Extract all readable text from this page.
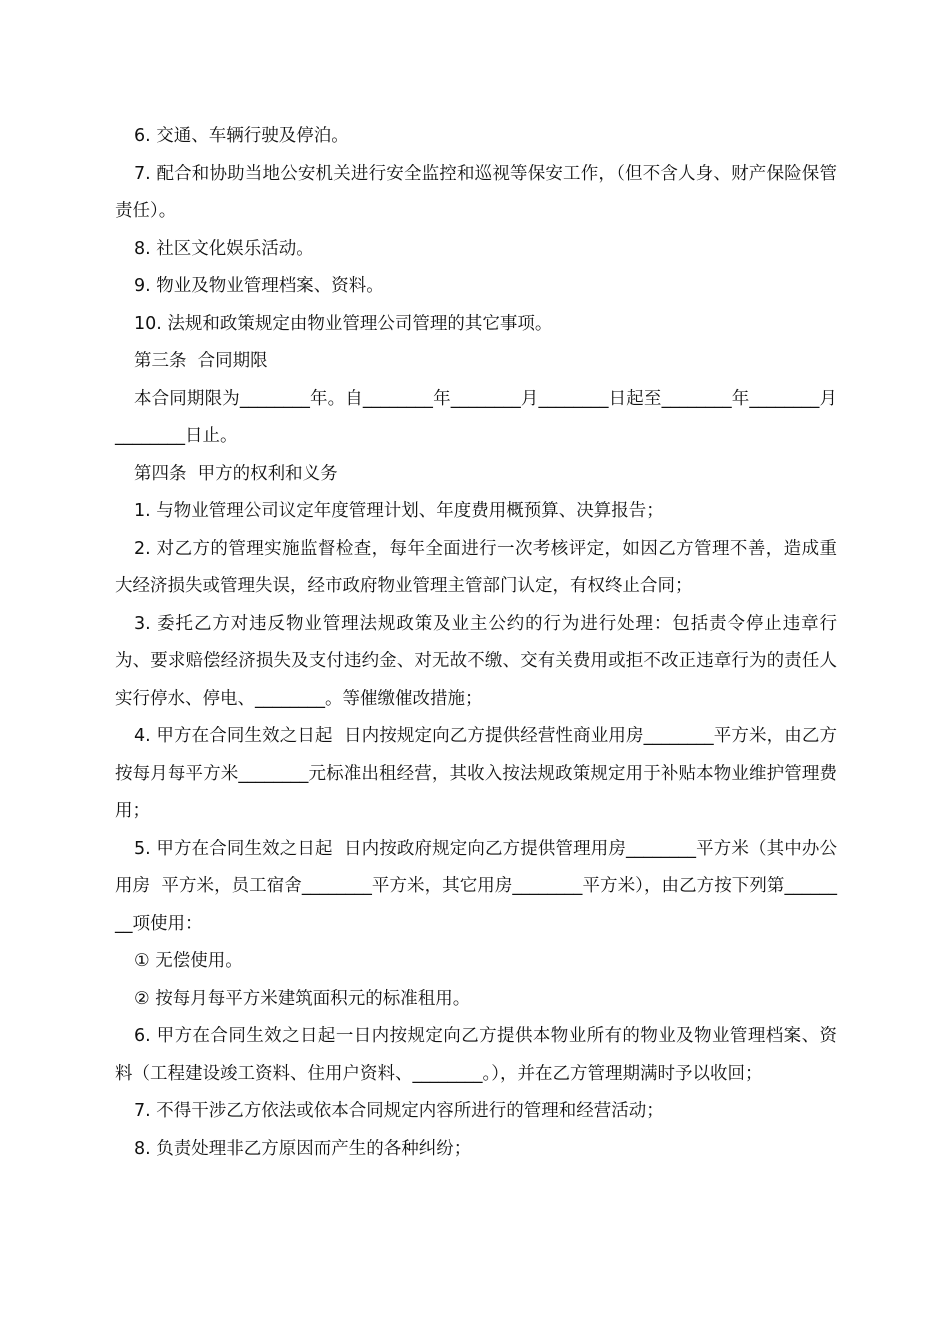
6. 交通、车辆行驶及停泊。

7. 配合和协助当地公安机关进行安全监控和巡视等保安工作，（但不含人身、财产保险保管责任）。

8. 社区文化娱乐活动。

9. 物业及物业管理档案、资料。

10. 法规和政策规定由物业管理公司管理的其它事项。

第三条  合同期限

本合同期限为________年。自________年________月________日起至________年________月________日止。

第四条  甲方的权利和义务

1. 与物业管理公司议定年度管理计划、年度费用概预算、决算报告；

2. 对乙方的管理实施监督检查，每年全面进行一次考核评定，如因乙方管理不善，造成重大经济损失或管理失误，经市政府物业管理主管部门认定，有权终止合同；

3. 委托乙方对违反物业管理法规政策及业主公约的行为进行处理：包括责令停止违章行为、要求赔偿经济损失及支付违约金、对无故不缴、交有关费用或拒不改正违章行为的责任人实行停水、停电、________。等催缴催改措施；

4. 甲方在合同生效之日起  日内按规定向乙方提供经营性商业用房________平方米，由乙方按每月每平方米________元标准出租经营，其收入按法规政策规定用于补贴本物业维护管理费用；

5. 甲方在合同生效之日起  日内按政府规定向乙方提供管理用房________平方米（其中办公用房  平方米，员工宿舍________平方米，其它用房________平方米），由乙方按下列第________项使用：

① 无偿使用。

② 按每月每平方米建筑面积元的标准租用。

6. 甲方在合同生效之日起一日内按规定向乙方提供本物业所有的物业及物业管理档案、资料（工程建设竣工资料、住用户资料、________。），并在乙方管理期满时予以收回；

7. 不得干涉乙方依法或依本合同规定内容所进行的管理和经营活动；

8. 负责处理非乙方原因而产生的各种纠纷；
